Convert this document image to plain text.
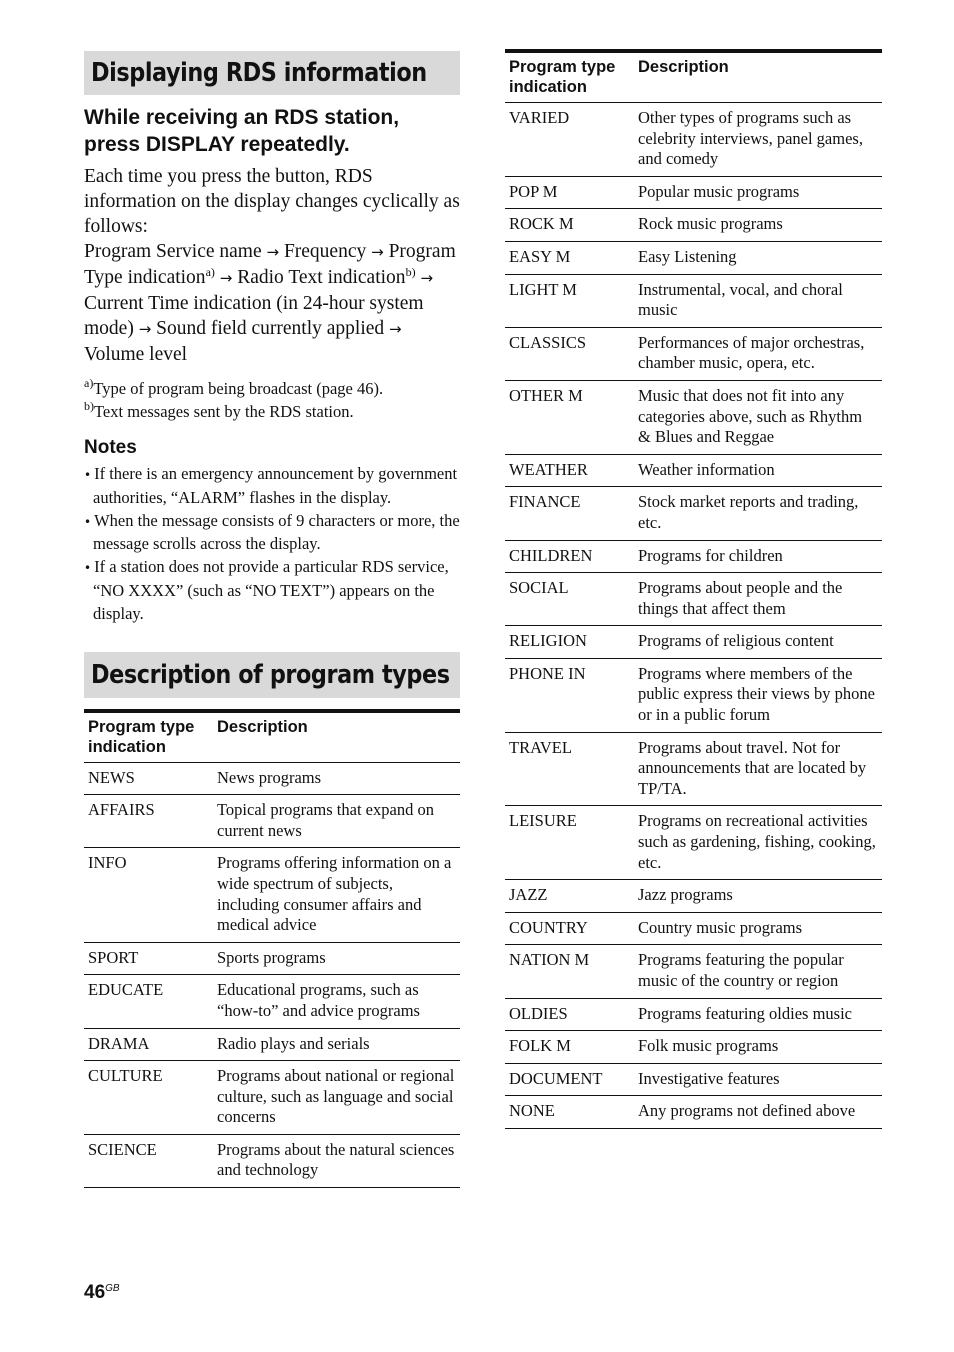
Displaying RDS information
While receiving an RDS station, press DISPLAY repeatedly.

Each time you press the button, RDS information on the display changes cyclically as follows:

Program Service name → Frequency → Program Type indication$^{a)}$ → Radio Text indication$^{b)}$ → Current Time indication (in 24-hour system mode) → Sound field currently applied → Volume level

$^{a)}$Type of program being broadcast (page 46).
$^{b)}$Text messages sent by the RDS station.
Notes
• If there is an emergency announcement by government authorities, “ALARM” flashes in the display.
• When the message consists of 9 characters or more, the message scrolls across the display.
• If a station does not provide a particular RDS service, “NO XXXX” (such as “NO TEXT”) appears on the display.
Description of program types
Program type indication	Description
NEWS	News programs
AFFAIRS	Topical programs that expand on current news
INFO	Programs offering information on a wide spectrum of subjects, including consumer affairs and medical advice
SPORT	Sports programs
EDUCATE	Educational programs, such as “how-to” and advice programs
DRAMA	Radio plays and serials
CULTURE	Programs about national or regional culture, such as language and social concerns
SCIENCE	Programs about the natural sciences and technology
Program type indication	Description
VARIED	Other types of programs such as celebrity interviews, panel games, and comedy
POP M	Popular music programs
ROCK M	Rock music programs
EASY M	Easy Listening
LIGHT M	Instrumental, vocal, and choral music
CLASSICS	Performances of major orchestras, chamber music, opera, etc.
OTHER M	Music that does not fit into any categories above, such as Rhythm & Blues and Reggae
WEATHER	Weather information
FINANCE	Stock market reports and trading, etc.
CHILDREN	Programs for children
SOCIAL	Programs about people and the things that affect them
RELIGION	Programs of religious content
PHONE IN	Programs where members of the public express their views by phone or in a public forum
TRAVEL	Programs about travel. Not for announcements that are located by TP/TA.
LEISURE	Programs on recreational activities such as gardening, fishing, cooking, etc.
JAZZ	Jazz programs
COUNTRY	Country music programs
NATION M	Programs featuring the popular music of the country or region
OLDIES	Programs featuring oldies music
FOLK M	Folk music programs
DOCUMENT	Investigative features
NONE	Any programs not defined above
$46^{GB}$
